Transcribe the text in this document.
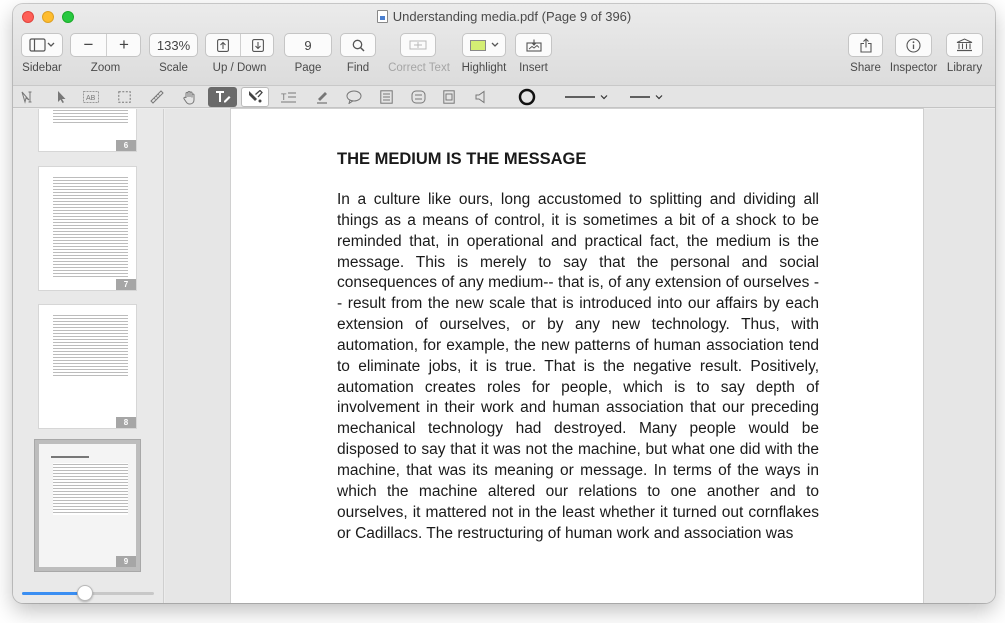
Understanding media.pdf (Page 9 of 396)
Sidebar
−	+
Zoom
133%
Scale	Up / Down
9
Page	Find	Correct Text	Highlight	Insert	Share Inspector Library
AB	T
6
7
8
9
THE MEDIUM IS THE MESSAGE
In a culture like ours, long accustomed to splitting and dividing all things as a means of control, it is sometimes a bit of a shock to be reminded that, in operational and practical fact, the medium is the message. This is merely to say that the personal and social consequences of any medium-- that is, of any extension of ourselves -- result from the new scale that is introduced into our affairs by each extension of ourselves, or by any new technology. Thus, with automation, for example, the new patterns of human association tend to eliminate jobs, it is true. That is the negative result. Positively, automation creates roles for people, which is to say depth of involvement in their work and human association that our preceding mechanical technology had destroyed. Many people would be disposed to say that it was not the machine, but what one did with the machine, that was its meaning or message. In terms of the ways in which the machine altered our relations to one another and to ourselves, it mattered not in the least whether it turned out cornflakes or Cadillacs. The restructuring of human work and association was
